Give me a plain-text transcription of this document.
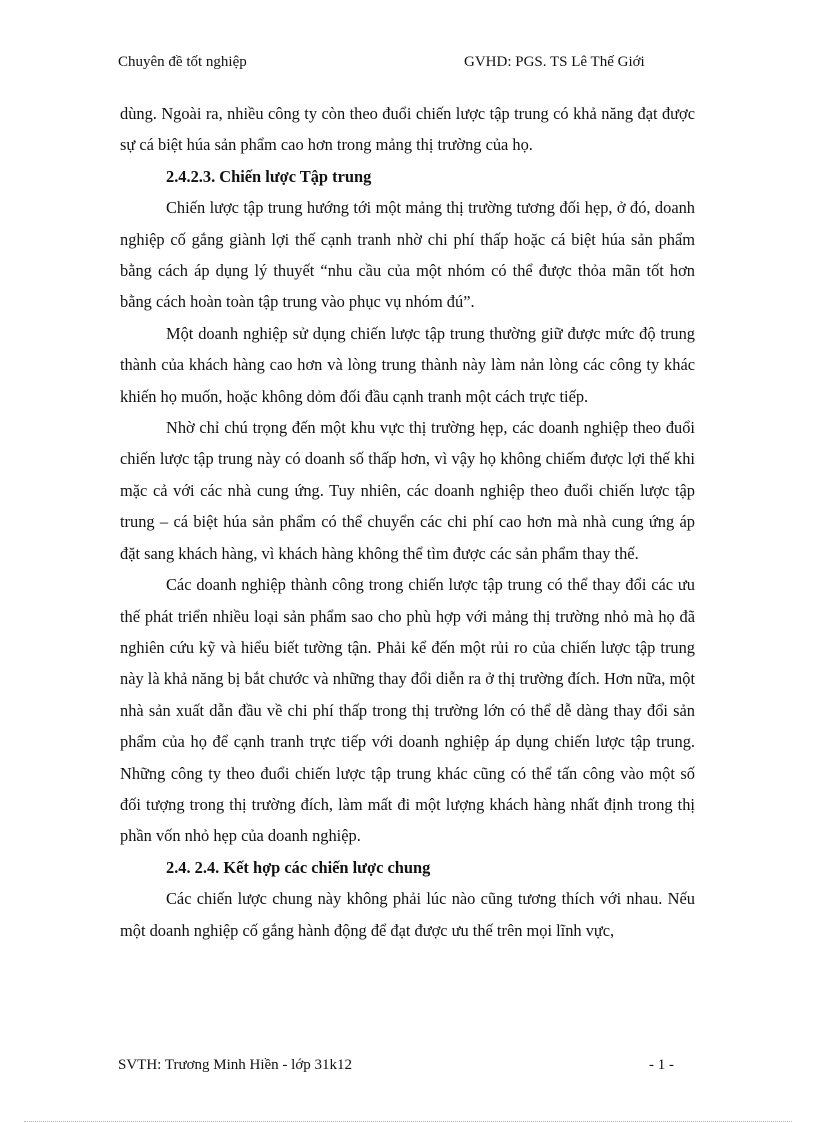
Chuyên đề tốt nghiệp	GVHD: PGS. TS Lê Thế Giới

dùng. Ngoài ra, nhiều công ty còn theo đuổi chiến lược tập trung có khả năng đạt được sự cá biệt húa sản phẩm cao hơn trong mảng thị trường của họ.

2.4.2.3. Chiến lược Tập trung

Chiến lược tập trung hướng tới một mảng thị trường tương đối hẹp, ở đó, doanh nghiệp cố gắng giành lợi thế cạnh tranh nhờ chi phí thấp hoặc cá biệt húa sản phẩm bằng cách áp dụng lý thuyết “nhu cầu của một nhóm có thể được thỏa mãn tốt hơn bằng cách hoàn toàn tập trung vào phục vụ nhóm đú”.

Một doanh nghiệp sử dụng chiến lược tập trung thường giữ được mức độ trung thành của khách hàng cao hơn và lòng trung thành này làm nản lòng các công ty khác khiến họ muốn, hoặc không dỏm đối đầu cạnh tranh một cách trực tiếp.

Nhờ chỉ chú trọng đến một khu vực thị trường hẹp, các doanh nghiệp theo đuổi chiến lược tập trung này có doanh số thấp hơn, vì vậy họ không chiếm được lợi thế khi mặc cả với các nhà cung ứng. Tuy nhiên, các doanh nghiệp theo đuổi chiến lược tập trung – cá biệt húa sản phẩm có thể chuyển các chi phí cao hơn mà nhà cung ứng áp đặt sang khách hàng, vì khách hàng không thể tìm được các sản phẩm thay thế.

Các doanh nghiệp thành công trong chiến lược tập trung có thể thay đổi các ưu thế phát triển nhiều loại sản phẩm sao cho phù hợp với mảng thị trường nhỏ mà họ đã nghiên cứu kỹ và hiểu biết tường tận. Phải kể đến một rủi ro của chiến lược tập trung này là khả năng bị bắt chước và những thay đổi diễn ra ở thị trường đích. Hơn nữa, một nhà sản xuất dẫn đầu về chi phí thấp trong thị trường lớn có thể dễ dàng thay đổi sản phẩm của họ để cạnh tranh trực tiếp với doanh nghiệp áp dụng chiến lược tập trung. Những công ty theo đuổi chiến lược tập trung khác cũng có thể tấn công vào một số đối tượng trong thị trường đích, làm mất đi một lượng khách hàng nhất định trong thị phần vốn nhỏ hẹp của doanh nghiệp.

2.4. 2.4. Kết hợp các chiến lược chung

Các chiến lược chung này không phải lúc nào cũng tương thích với nhau. Nếu một doanh nghiệp cố gắng hành động để đạt được ưu thế trên mọi lĩnh vực,

SVTH: Trương Minh Hiền - lớp 31k12	- 1 -
